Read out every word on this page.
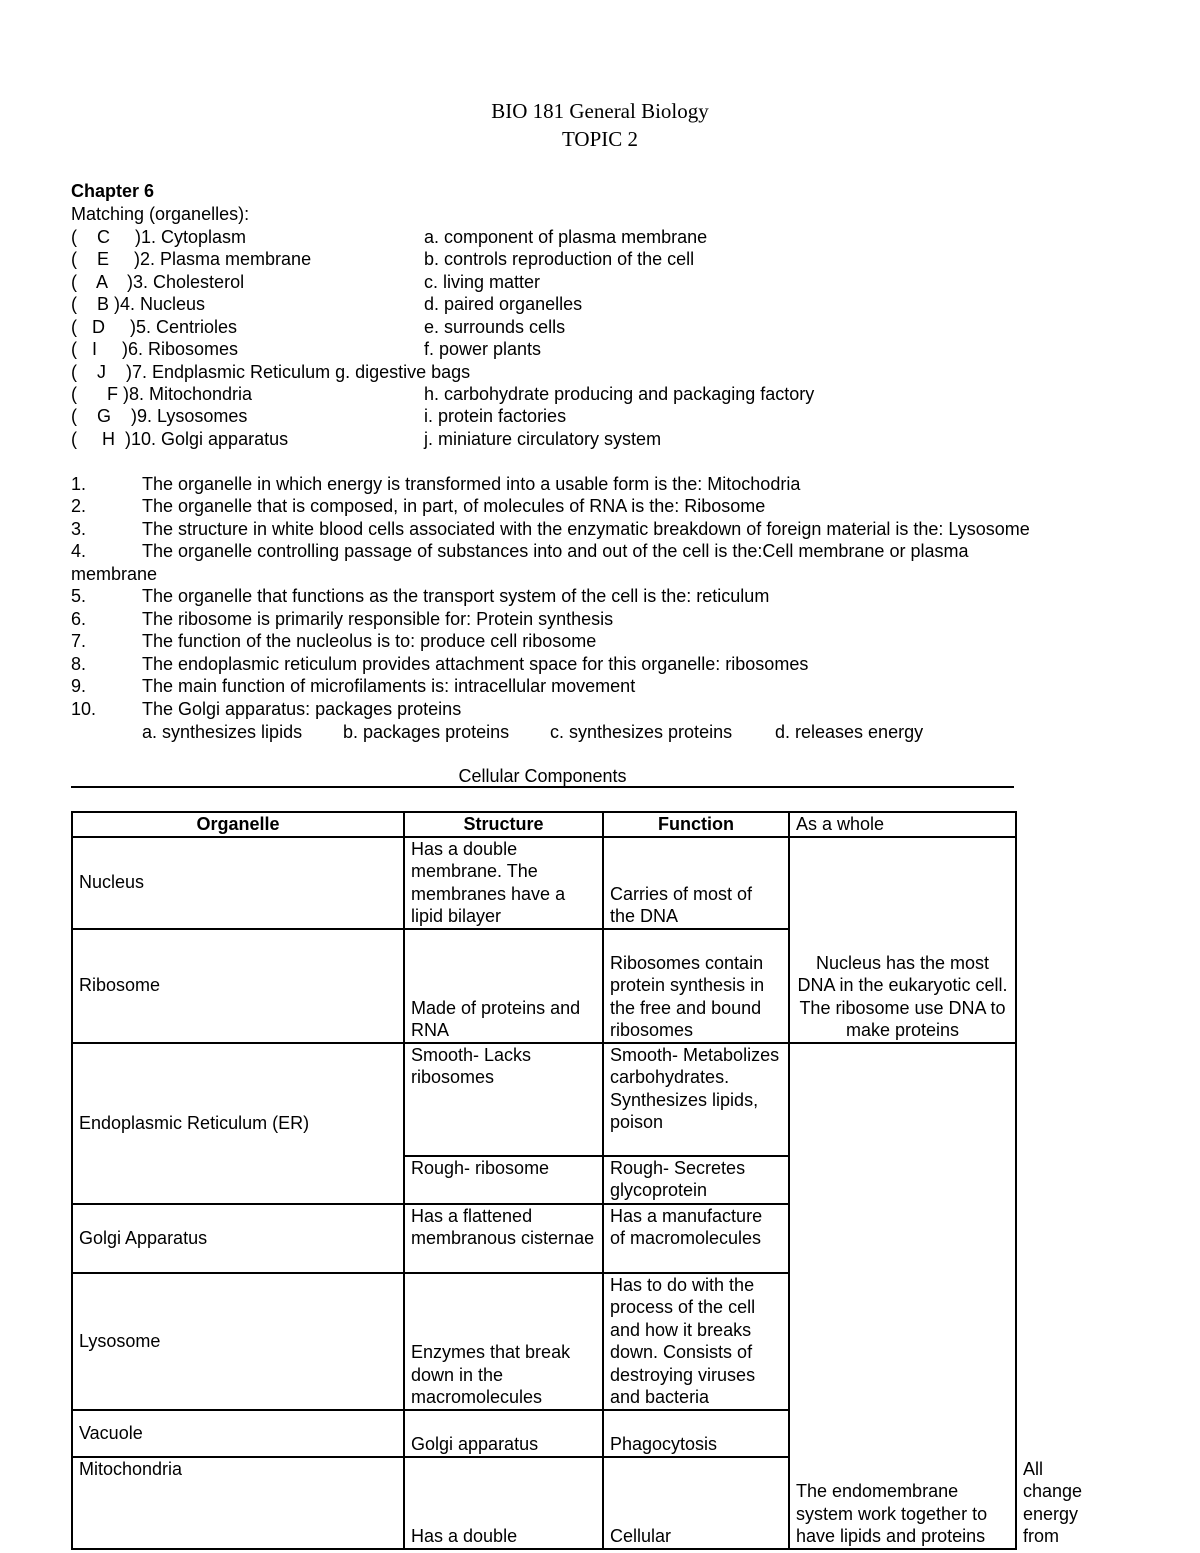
BIO 181 General Biology
TOPIC 2
Chapter 6
Matching (organelles):
(    C     )1. Cytoplasm	a. component of plasma membrane
(    E     )2. Plasma membrane	b. controls reproduction of the cell
(    A    )3. Cholesterol	c. living matter
(    B )4. Nucleus	d. paired organelles
(   D     )5. Centrioles	e. surrounds cells
(   I     )6. Ribosomes	f. power plants
(    J    )7. Endplasmic Reticulum g. digestive bags
(      F )8. Mitochondria	h. carbohydrate producing and packaging factory
(    G    )9. Lysosomes	i. protein factories
(     H  )10. Golgi apparatus	j. miniature circulatory system
1.	The organelle in which energy is transformed into a usable form is the: Mitochodria
2.	The organelle that is composed, in part, of molecules of RNA is the: Ribosome
3.	The structure in white blood cells associated with the enzymatic breakdown of foreign material is the: Lysosome
4.	The organelle controlling passage of substances into and out of the cell is the:Cell membrane or plasma
membrane
5.	The organelle that functions as the transport system of the cell is the: reticulum
6.	The ribosome is primarily responsible for: Protein synthesis
7.	The function of the nucleolus is to: produce cell ribosome
8.	The endoplasmic reticulum provides attachment space for this organelle: ribosomes
9.	The main function of microfilaments is: intracellular movement
10.	The Golgi apparatus: packages proteins
a. synthesizes lipids b. packages proteins c. synthesizes proteins d. releases energy
Cellular Components
Organelle	Structure	Function	As a whole	
Nucleus	Has a double membrane. The membranes have a lipid bilayer	Carries of most of the DNA	Nucleus has the most DNA in the eukaryotic cell. The ribosome use DNA to make proteins	
Ribosome	Made of proteins and RNA	Ribosomes contain protein synthesis in the free and bound ribosomes		
Endoplasmic Reticulum (ER)	Smooth- Lacks ribosomes	Smooth- Metabolizes carbohydrates. Synthesizes lipids, poison	The endomembrane system work together to have lipids and proteins	
	Rough- ribosome	Rough- Secretes glycoprotein		
Golgi Apparatus	Has a flattened membranous cisternae	Has a manufacture of macromolecules		
Lysosome	Enzymes that break down in the macromolecules	Has to do with the process of the cell and how it breaks down. Consists of destroying viruses and bacteria		
Vacuole	Golgi apparatus	Phagocytosis		
Mitochondria	Has a double	Cellular		All change energy from
